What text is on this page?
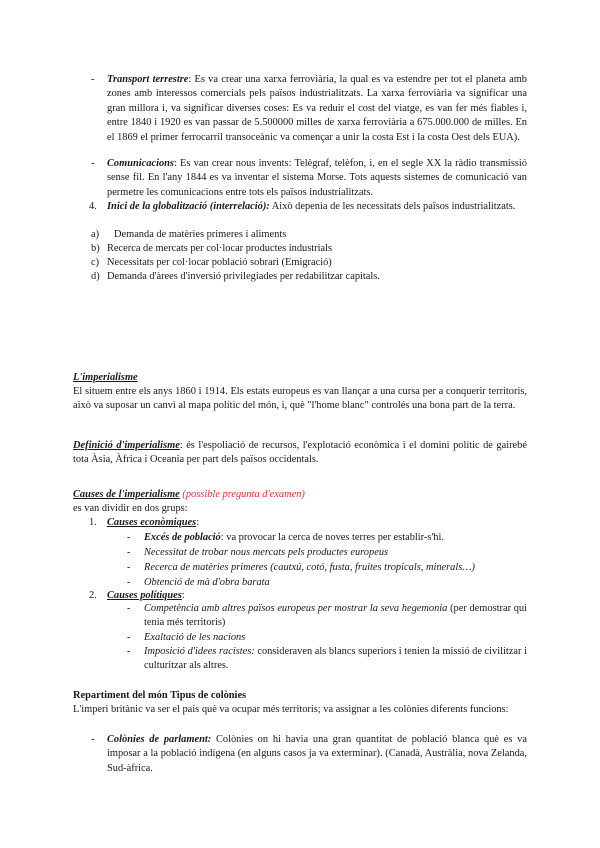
- Transport terrestre: Es va crear una xarxa ferroviària, la qual es va estendre per tot el planeta amb zones amb interessos comercials pels països industrialitzats. La xarxa ferroviària va significar una gran millora i, va significar diverses coses: Es va reduir el cost del viatge, es van fer més fiables i, entre 1840 i 1920 es van passar de 5.500000 milles de xarxa ferroviària a 675.000.000 de milles. En el 1869 el primer ferrocarril transoceànic va començar a unir la costa Est i la costa Oest dels EUA).
- Comunicacions: Es van crear nous invents: Telègraf, telèfon, i, en el segle XX la ràdio transmissió sense fil. En l'any 1844 es va inventar el sistema Morse. Tots aquests sistemes de comunicació van permetre les comunicacions entre tots els països industrialitzats.
4. Inici de la globalització (interrelació): Això depenia de les necessitats dels països industrialitzats.
a) Demanda de matèries primeres i aliments
b) Recerca de mercats per col·locar productes industrials
c) Necessitats per col·locar població sobrari (Emigració)
d) Demanda d'àrees d'inversió privilegiades per redabilitzar capitals.
L'imperialisme
El situem entre els anys 1860 i 1914. Els estats europeus es van llançar a una cursa per a conquerir territoris, això va suposar un canvi al mapa polític del món, i, què "l'home blanc" controlés una bona part de la terra.
Definició d'imperialisme: és l'espoliació de recursos, l'explotació econòmica i el domini polític de gairebé tota Àsia, Àfrica i Oceania per part dels països occidentals.
Causes de l'imperialisme (possible pregunta d'examen)
es van dividir en dos grups:
1. Causes econòmiques:
- Excés de població: va provocar la cerca de noves terres per establir-s'hi.
- Necessitat de trobar nous mercats pels productes europeus
- Recerca de matèries primeres (cautxú, cotó, fusta, fruites tropicals, minerals…)
- Obtenció de mà d'obra barata
2. Causes polítiques:
- Competència amb altres països europeus per mostrar la seva hegemonia (per demostrar qui tenia més territoris)
- Exaltació de les nacions
- Imposició d'idees racistes: consideraven als blancs superiors i tenien la missió de civilitzar i culturitzar als altres.
Repartiment del món Tipus de colònies
L'imperi britànic va ser el país què va ocupar més territoris; va assignar a les colònies diferents funcions:
- Colònies de parlament: Colònies on hi havia una gran quantitat de població blanca què es va imposar a la població indígena (en alguns casos ja va exterminar). (Canadà, Austràlia, nova Zelanda, Sud-àfrica.
